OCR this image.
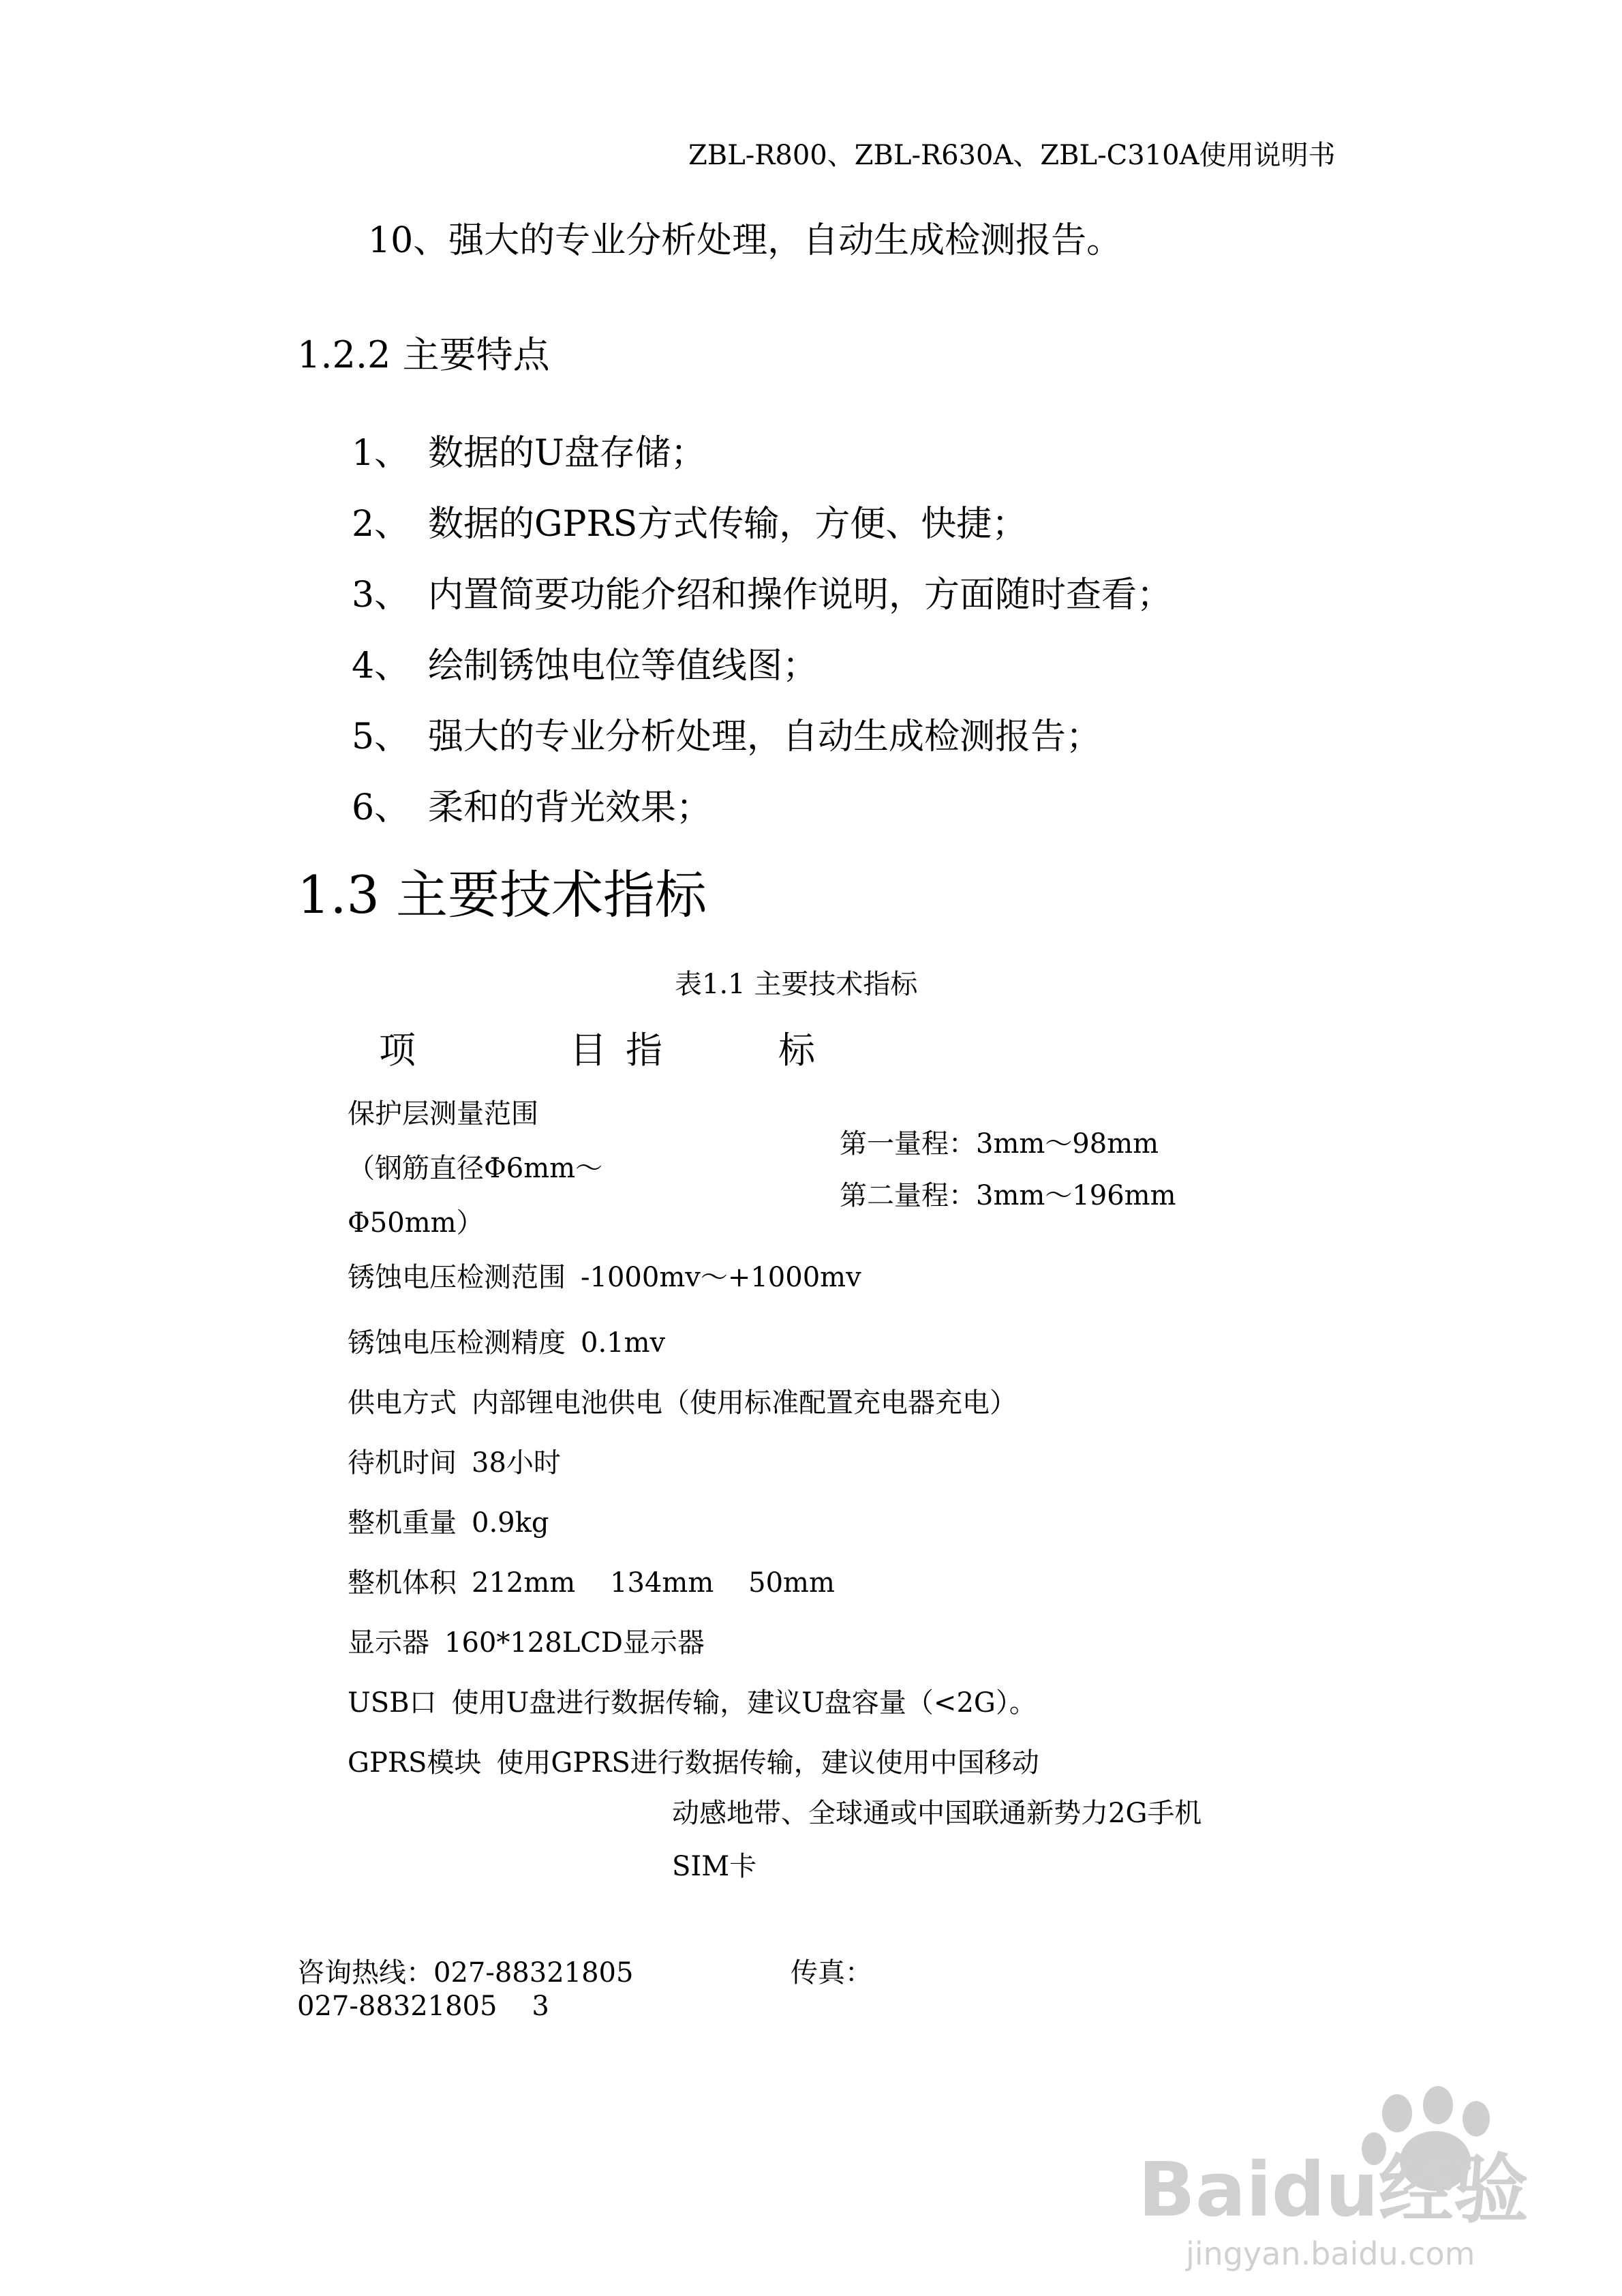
ZBL-R800、ZBL-R630A、ZBL-C310A使用说明书
10、强大的专业分析处理，自动生成检测报告。
1.2.2 主要特点
1、 数据的U盘存储；
2、 数据的GPRS方式传输，方便、快捷；
3、 内置简要功能介绍和操作说明，方面随时查看；
4、 绘制锈蚀电位等值线图；
5、 强大的专业分析处理，自动生成检测报告；
6、 柔和的背光效果；
1.3 主要技术指标
表1.1 主要技术指标
项	目 指	标
保护层测量范围
（钢筋直径Φ6mm～
Φ50mm）
第一量程：3mm～98mm
第二量程：3mm～196mm
锈蚀电压检测范围 -1000mv～+1000mv
锈蚀电压检测精度 0.1mv
供电方式 内部锂电池供电（使用标准配置充电器充电）
待机时间 38小时
整机重量 0.9kg
整机体积 212mm    134mm    50mm
显示器 160*128LCD显示器
USB口 使用U盘进行数据传输，建议U盘容量（<2G）。
GPRS模块 使用GPRS进行数据传输，建议使用中国移动
动感地带、全球通或中国联通新势力2G手机
SIM卡
咨询热线：027-88321805	传真：
027-88321805    3
Baidu经验
jingyan.baidu.com
